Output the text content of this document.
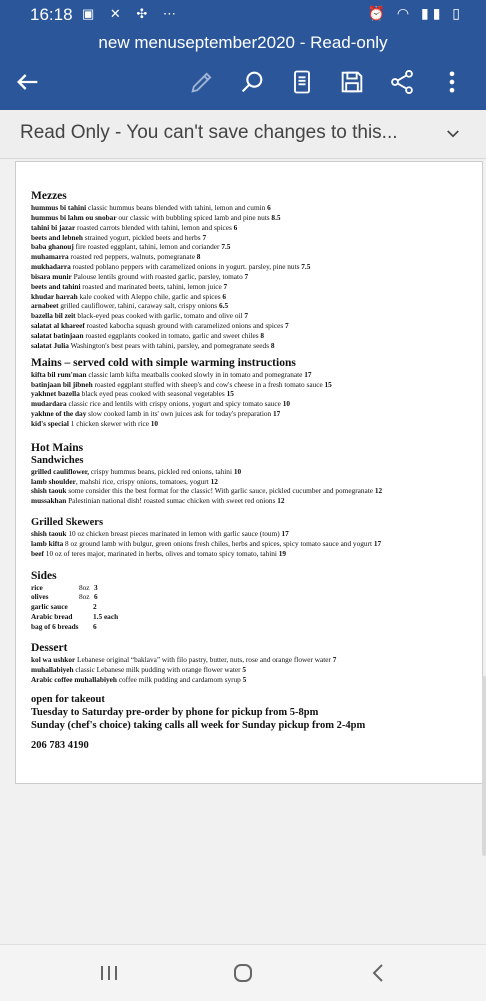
16:18 ▣ ✕ ✣ ⋯	⏰ ◠ ▮▮ ▯
new menuseptember2020 - Read-only
Read Only - You can't save changes to this...
Mezzes
hummus bi tahini classic hummus beans blended with tahini, lemon and cumin 6
hummus bi lahm ou snobar our classic with bubbling spiced lamb and pine nuts 8.5
tahini bi jazar roasted carrots blended with tahini, lemon and spices 6
beets and lebneh strained yogurt, pickled beets and herbs 7
baba ghanouj fire roasted eggplant, tahini, lemon and coriander 7.5
muhamarra roasted red peppers, walnuts, pomegranate 8
mukhadarra roasted poblano peppers with caramelized onions in yogurt. parsley, pine nuts 7.5
bisara munir Palouse lentils ground with roasted garlic, parsley, tomato 7
beets and tahini roasted and marinated beets, tahini, lemon juice 7
khudar harrah kale cooked with Aleppo chile, garlic and spices 6
arnabeet grilled cauliflower, tahini, caraway salt, crispy onions 6.5
bazella bil zeit black-eyed peas cooked with garlic, tomato and olive oil 7
salatat al khareef roasted kabocha squash ground with caramelized onions and spices 7
salatat batinjaan roasted eggplants cooked in tomato, garlic and sweet chiles 8
salatat Julia Washington's best pears with tahini, parsley, and pomegranate seeds 8
Mains – served cold with simple warming instructions
kifta bil rum'man classic lamb kifta meatballs cooked slowly in in tomato and pomegranate 17
batinjaan bil jibneh roasted eggplant stuffed with sheep's and cow's cheese in a fresh tomato sauce 15
yakhnet bazella black eyed peas cooked with seasonal vegetables 15
mudardara classic rice and lentils with crispy onions, yogurt and spicy tomato sauce 10
yakhne of the day slow cooked lamb in its' own juices ask for today's preparation 17
kid's special 1 chicken skewer with rice 10
Hot Mains
Sandwiches
grilled cauliflower, crispy hummus beans, pickled red onions, tahini 10
lamb shoulder, mahshi rice, crispy onions, tomatoes, yogurt 12
shish taouk some consider this the best format for the classic! With garlic sauce, pickled cucumber and pomegranate 12
mussakhan Palestinian national dish! roasted sumac chicken with sweet red onions 12
Grilled Skewers
shish taouk 10 oz chicken breast pieces marinated in lemon with garlic sauce (toum) 17
lamb kifta 8 oz ground lamb with bulgur, green onions fresh chiles, herbs and spices, spicy tomato sauce and yogurt 17
beef 10 oz of teres major, marinated in herbs, olives and tomato spicy tomato, tahini 19
Sides
rice	8oz 3
olives	8oz 6
garlic sauce	2
Arabic bread	1.5 each
bag of 6 breads 6
Dessert
kol wa ushkor Lebanese original “baklava” with filo pastry, butter, nuts, rose and orange flower water 7
muhallabiyeh classic Lebanese milk pudding with orange flower water 5
Arabic coffee muhallabiyeh coffee milk pudding and cardamom syrup 5
open for takeout
Tuesday to Saturday pre-order by phone for pickup from 5-8pm
Sunday (chef's choice) taking calls all week for Sunday pickup from 2-4pm
206 783 4190
